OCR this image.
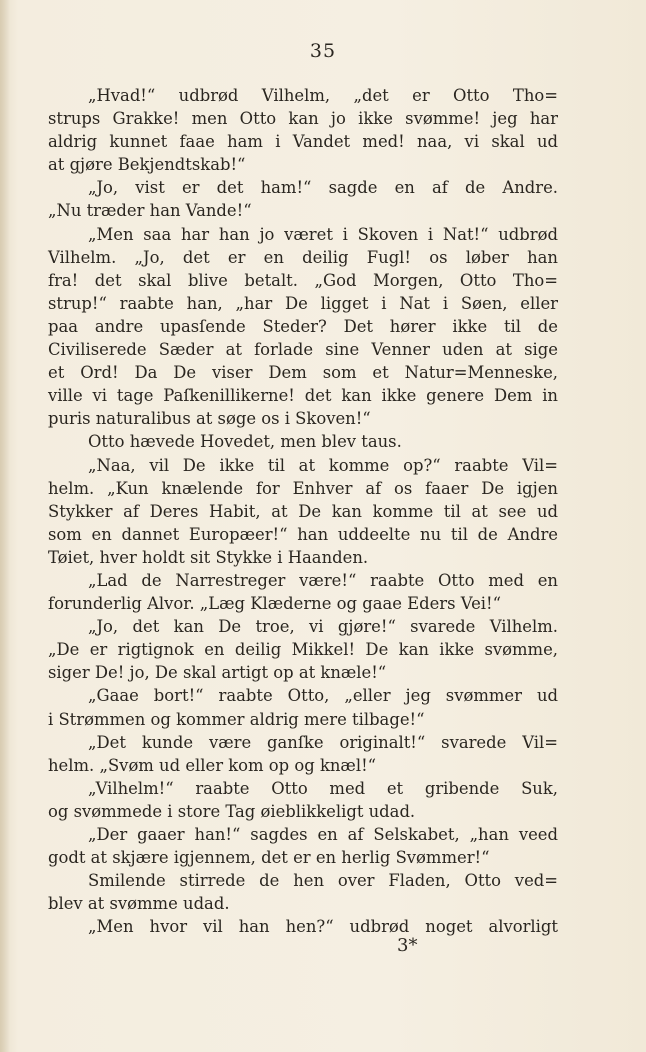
35
„Hvad!“ udbrød Vilhelm, „det er Otto Tho=
strups Grakke! men Otto kan jo ikke svømme! jeg har
aldrig kunnet faae ham i Vandet med! naa, vi skal ud
at gjøre Bekjendtskab!“
„Jo, vist er det ham!“ sagde en af de Andre.
„Nu træder han Vande!“
„Men saa har han jo været i Skoven i Nat!“ udbrød
Vilhelm. „Jo, det er en deilig Fugl! os løber han
fra! det skal blive betalt. „God Morgen, Otto Tho=
strup!“ raabte han, „har De ligget i Nat i Søen, eller
paa andre upasſende Steder? Det hører ikke til de
Civiliserede Sæder at forlade sine Venner uden at sige
et Ord! Da De viser Dem som et Natur=Menneske,
ville vi tage Paſkenillikerne! det kan ikke genere Dem in
puris naturalibus at søge os i Skoven!“
Otto hævede Hovedet, men blev taus.
„Naa, vil De ikke til at komme op?“ raabte Vil=
helm. „Kun knælende for Enhver af os faaer De igjen
Stykker af Deres Habit, at De kan komme til at see ud
som en dannet Europæer!“ han uddeelte nu til de Andre
Tøiet, hver holdt sit Stykke i Haanden.
„Lad de Narrestreger være!“ raabte Otto med en
forunderlig Alvor. „Læg Klæderne og gaae Eders Vei!“
„Jo, det kan De troe, vi gjøre!“ svarede Vilhelm.
„De er rigtignok en deilig Mikkel! De kan ikke svømme,
siger De! jo, De skal artigt op at knæle!“
„Gaae bort!“ raabte Otto, „eller jeg svømmer ud
i Strømmen og kommer aldrig mere tilbage!“
„Det kunde være ganſke originalt!“ svarede Vil=
helm. „Svøm ud eller kom op og knæl!“
„Vilhelm!“ raabte Otto med et gribende Suk,
og svømmede i store Tag øieblikkeligt udad.
„Der gaaer han!“ sagdes en af Selskabet, „han veed
godt at skjære igjennem, det er en herlig Svømmer!“
Smilende stirrede de hen over Fladen, Otto ved=
blev at svømme udad.
„Men hvor vil han hen?“ udbrød noget alvorligt
3*
